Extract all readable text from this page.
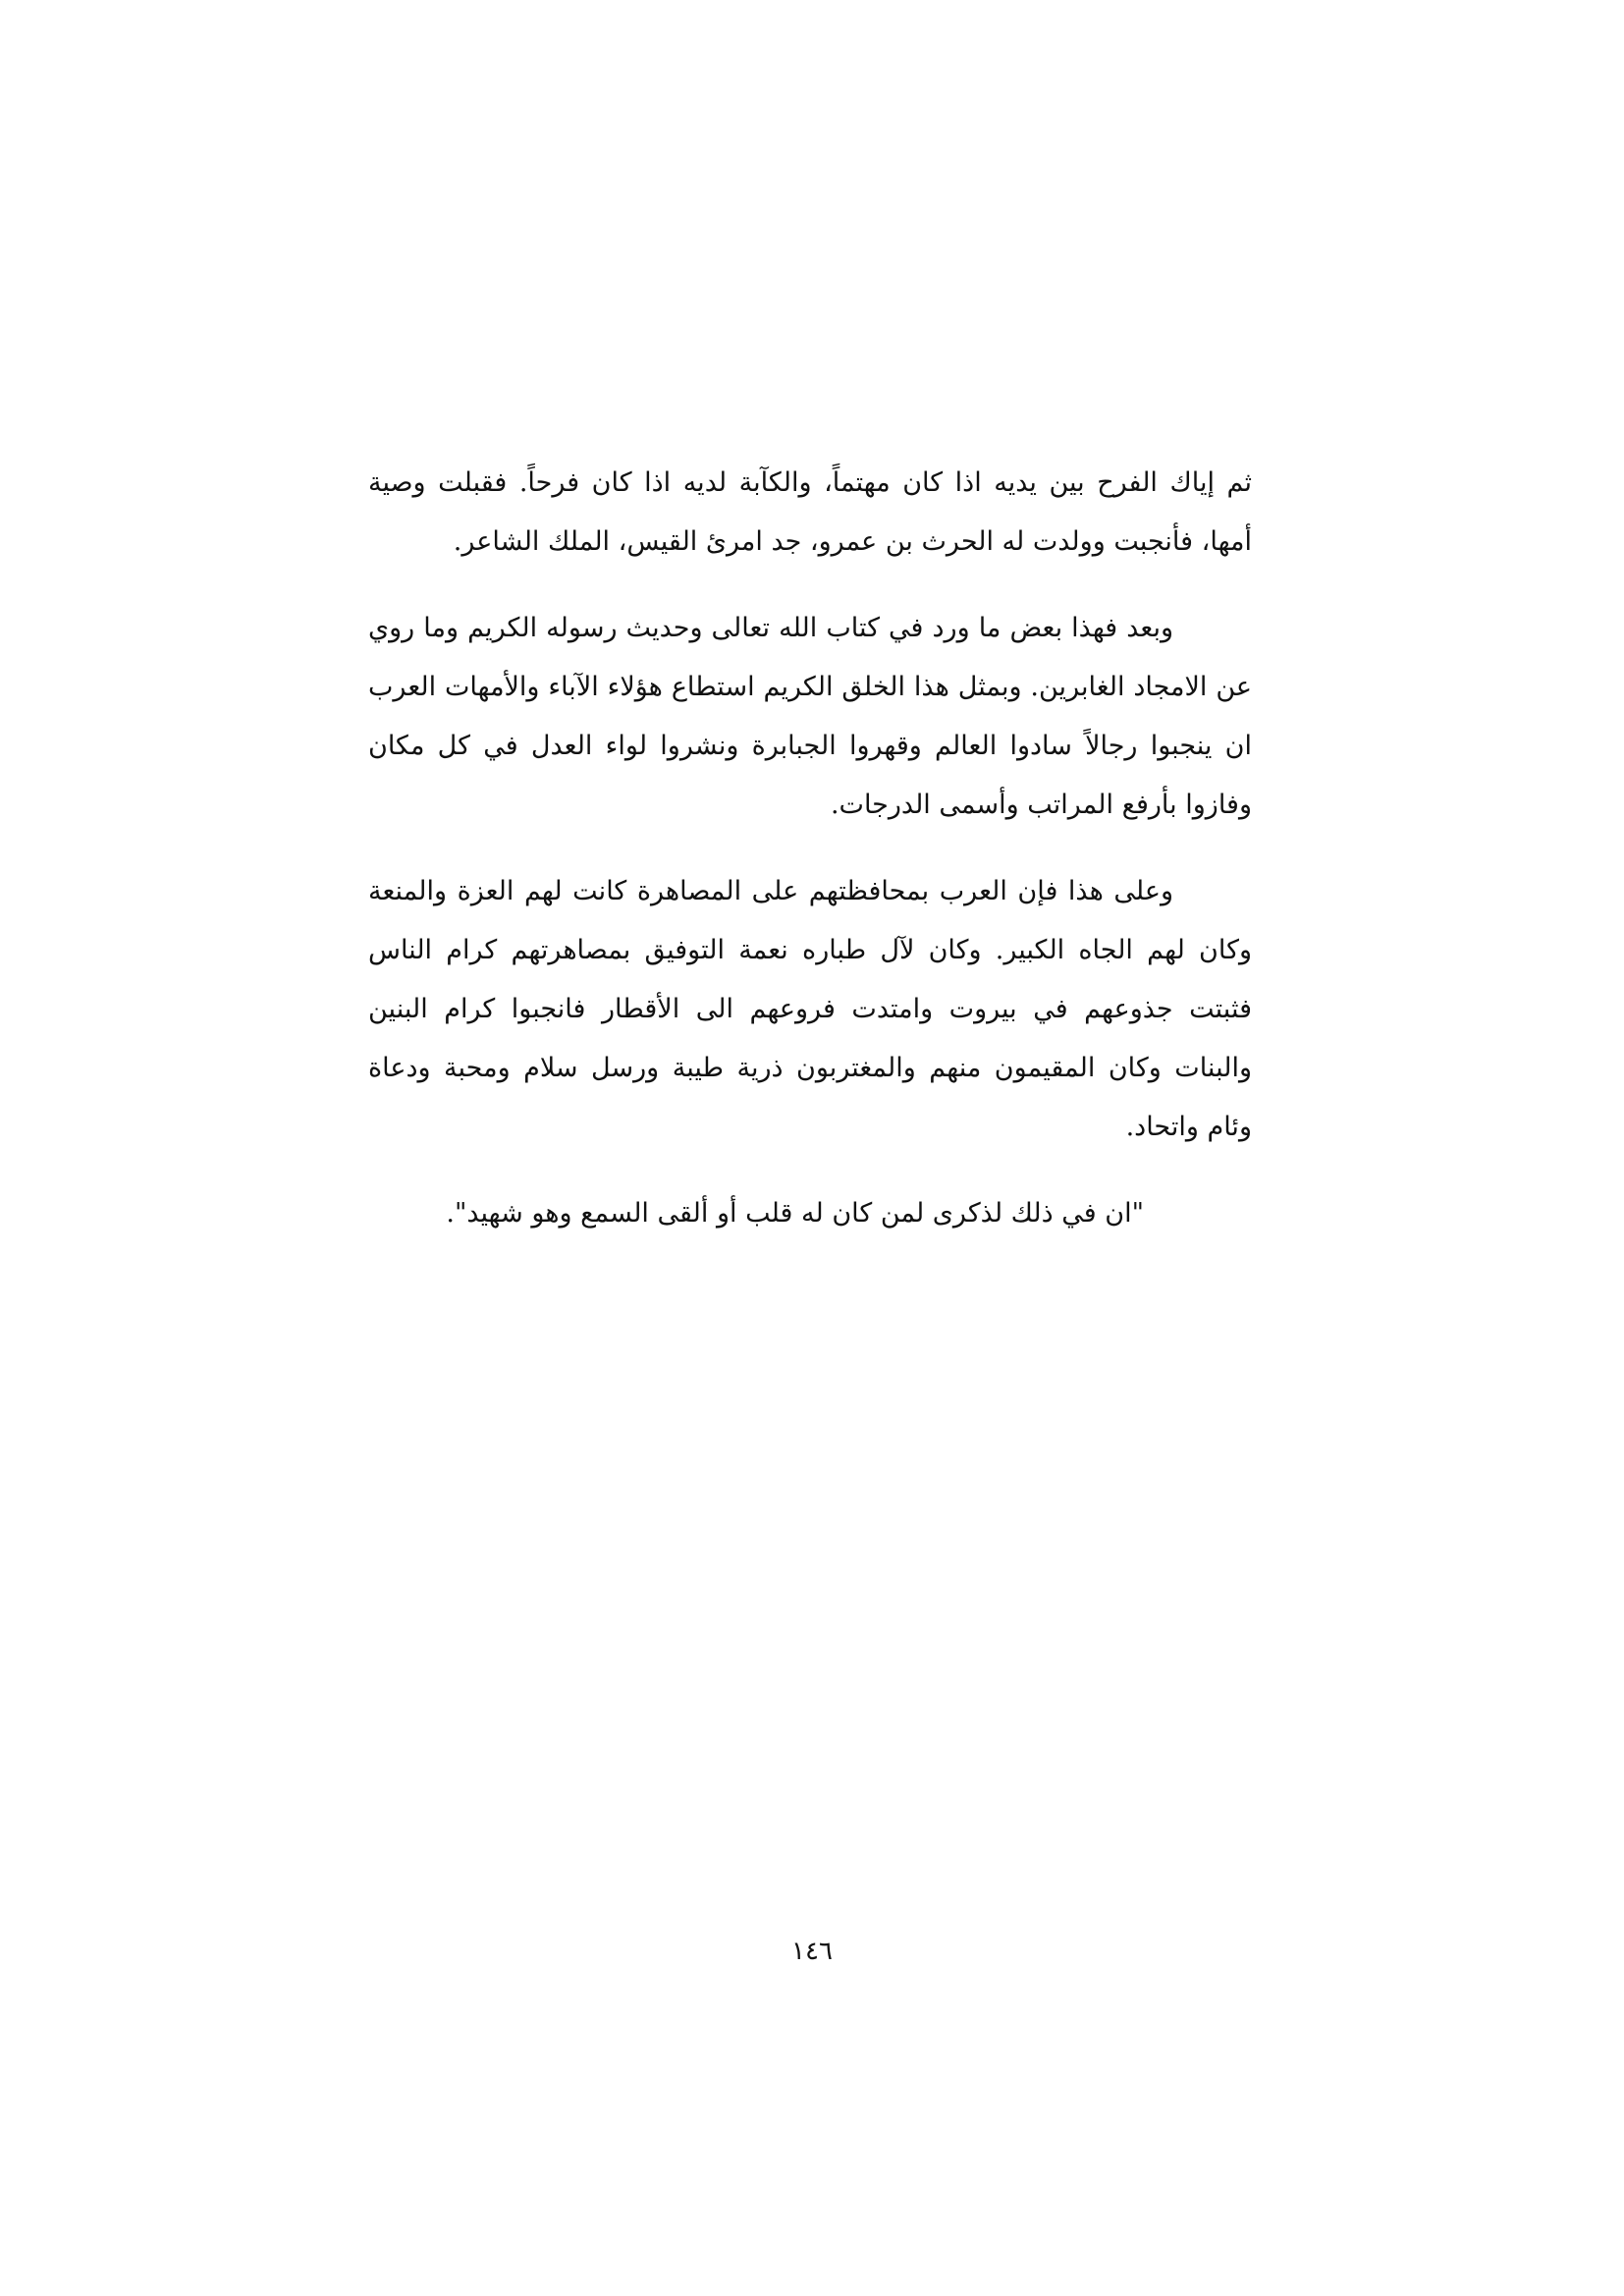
ثم إياك الفرح بين يديه اذا كان مهتماً، والكآبة لديه اذا كان فرحاً. فقبلت وصية أمها، فأنجبت وولدت له الحرث بن عمرو، جد امرئ القيس، الملك الشاعر.

وبعد فهذا بعض ما ورد في كتاب الله تعالى وحديث رسوله الكريم وما روي عن الامجاد الغابرين. وبمثل هذا الخلق الكريم استطاع هؤلاء الآباء والأمهات العرب ان ينجبوا رجالاً سادوا العالم وقهروا الجبابرة ونشروا لواء العدل في كل مكان وفازوا بأرفع المراتب وأسمى الدرجات.

وعلى هذا فإن العرب بمحافظتهم على المصاهرة كانت لهم العزة والمنعة وكان لهم الجاه الكبير. وكان لآل طباره نعمة التوفيق بمصاهرتهم كرام الناس فثبتت جذوعهم في بيروت وامتدت فروعهم الى الأقطار فانجبوا كرام البنين والبنات وكان المقيمون منهم والمغتربون ذرية طيبة ورسل سلام ومحبة ودعاة وئام واتحاد.

"ان في ذلك لذكرى لمن كان له قلب أو ألقى السمع وهو شهيد".

١٤٦
